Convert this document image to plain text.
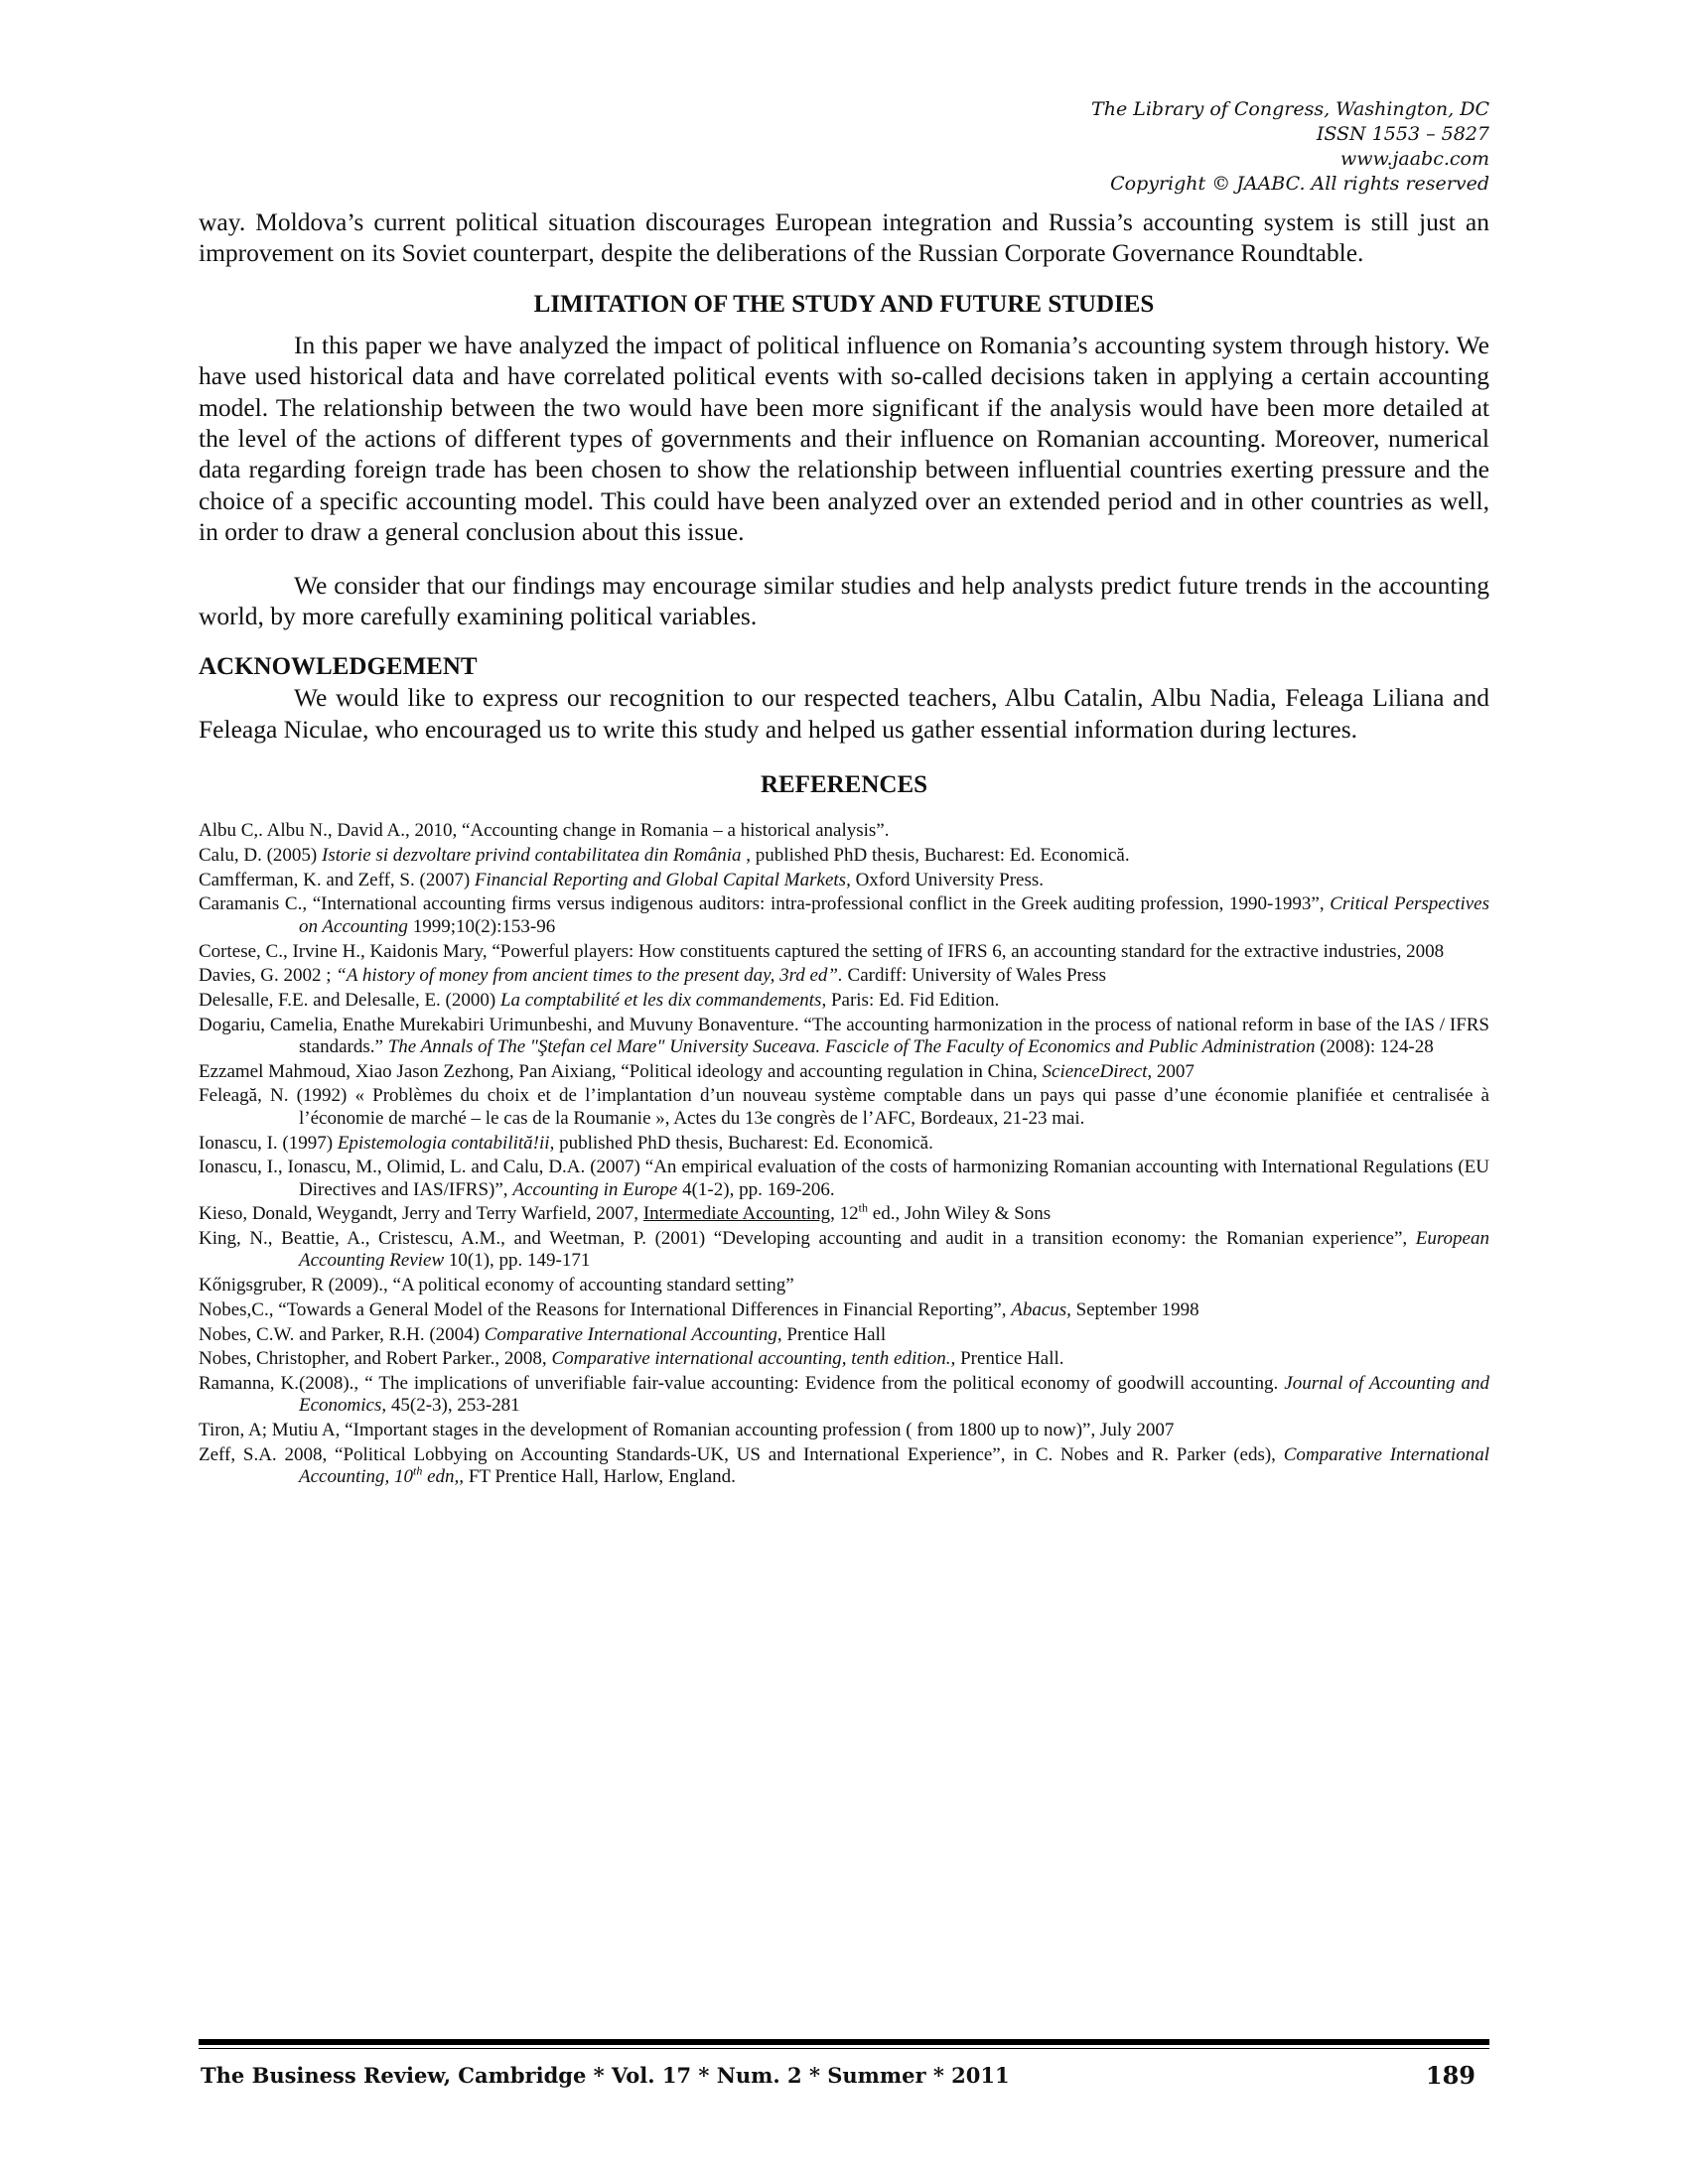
The Library of Congress, Washington, DC
ISSN 1553 – 5827
www.jaabc.com
Copyright © JAABC. All rights reserved

way. Moldova’s current political situation discourages European integration and Russia’s accounting system is still just an improvement on its Soviet counterpart, despite the deliberations of the Russian Corporate Governance Roundtable.

LIMITATION OF THE STUDY AND FUTURE STUDIES

In this paper we have analyzed the impact of political influence on Romania’s accounting system through history. We have used historical data and have correlated political events with so-called decisions taken in applying a certain accounting model. The relationship between the two would have been more significant if the analysis would have been more detailed at the level of the actions of different types of governments and their influence on Romanian accounting. Moreover, numerical data regarding foreign trade has been chosen to show the relationship between influential countries exerting pressure and the choice of a specific accounting model. This could have been analyzed over an extended period and in other countries as well, in order to draw a general conclusion about this issue.

We consider that our findings may encourage similar studies and help analysts predict future trends in the accounting world, by more carefully examining political variables.

ACKNOWLEDGEMENT

We would like to express our recognition to our respected teachers, Albu Catalin, Albu Nadia, Feleaga Liliana and Feleaga Niculae, who encouraged us to write this study and helped us gather essential information during lectures.

REFERENCES
Albu C,. Albu N., David A., 2010, “Accounting change in Romania – a historical analysis”.
Calu, D. (2005) Istorie si dezvoltare privind contabilitatea din România , published PhD thesis, Bucharest: Ed. Economică.
Camfferman, K. and Zeff, S. (2007) Financial Reporting and Global Capital Markets, Oxford University Press.
Caramanis C., “International accounting firms versus indigenous auditors: intra-professional conflict in the Greek auditing profession, 1990-1993”, Critical Perspectives on Accounting 1999;10(2):153-96
Cortese, C., Irvine H., Kaidonis Mary, “Powerful players: How constituents captured the setting of IFRS 6, an accounting standard for the extractive industries, 2008
Davies, G. 2002 ; “A history of money from ancient times to the present day, 3rd ed”. Cardiff: University of Wales Press
Delesalle, F.E. and Delesalle, E. (2000) La comptabilité et les dix commandements, Paris: Ed. Fid Edition.
Dogariu, Camelia, Enathe Murekabiri Urimunbeshi, and Muvuny Bonaventure. “The accounting harmonization in the process of national reform in base of the IAS / IFRS standards.” The Annals of The "Ştefan cel Mare" University Suceava. Fascicle of The Faculty of Economics and Public Administration (2008): 124-28
Ezzamel Mahmoud, Xiao Jason Zezhong, Pan Aixiang, “Political ideology and accounting regulation in China, ScienceDirect, 2007
Feleagă, N. (1992) « Problèmes du choix et de l’implantation d’un nouveau système comptable dans un pays qui passe d’une économie planifiée et centralisée à l’économie de marché – le cas de la Roumanie », Actes du 13e congrès de l’AFC, Bordeaux, 21-23 mai.
Ionascu, I. (1997) Epistemologia contabilită!ii, published PhD thesis, Bucharest: Ed. Economică.
Ionascu, I., Ionascu, M., Olimid, L. and Calu, D.A. (2007) “An empirical evaluation of the costs of harmonizing Romanian accounting with International Regulations (EU Directives and IAS/IFRS)”, Accounting in Europe 4(1-2), pp. 169-206.
Kieso, Donald, Weygandt, Jerry and Terry Warfield, 2007, Intermediate Accounting, 12th ed., John Wiley & Sons
King, N., Beattie, A., Cristescu, A.M., and Weetman, P. (2001) “Developing accounting and audit in a transition economy: the Romanian experience”, European Accounting Review 10(1), pp. 149-171
Kőnigsgruber, R (2009)., “A political economy of accounting standard setting”
Nobes,C., “Towards a General Model of the Reasons for International Differences in Financial Reporting”, Abacus, September 1998
Nobes, C.W. and Parker, R.H. (2004) Comparative International Accounting, Prentice Hall
Nobes, Christopher, and Robert Parker., 2008, Comparative international accounting, tenth edition., Prentice Hall.
Ramanna, K.(2008)., “ The implications of unverifiable fair-value accounting: Evidence from the political economy of goodwill accounting. Journal of Accounting and Economics, 45(2-3), 253-281
Tiron, A; Mutiu A, “Important stages in the development of Romanian accounting profession ( from 1800 up to now)”, July 2007
Zeff, S.A. 2008, “Political Lobbying on Accounting Standards-UK, US and International Experience”, in C. Nobes and R. Parker (eds), Comparative International Accounting, 10th edn,, FT Prentice Hall, Harlow, England.
The Business Review, Cambridge * Vol. 17 * Num. 2 * Summer * 2011	189
